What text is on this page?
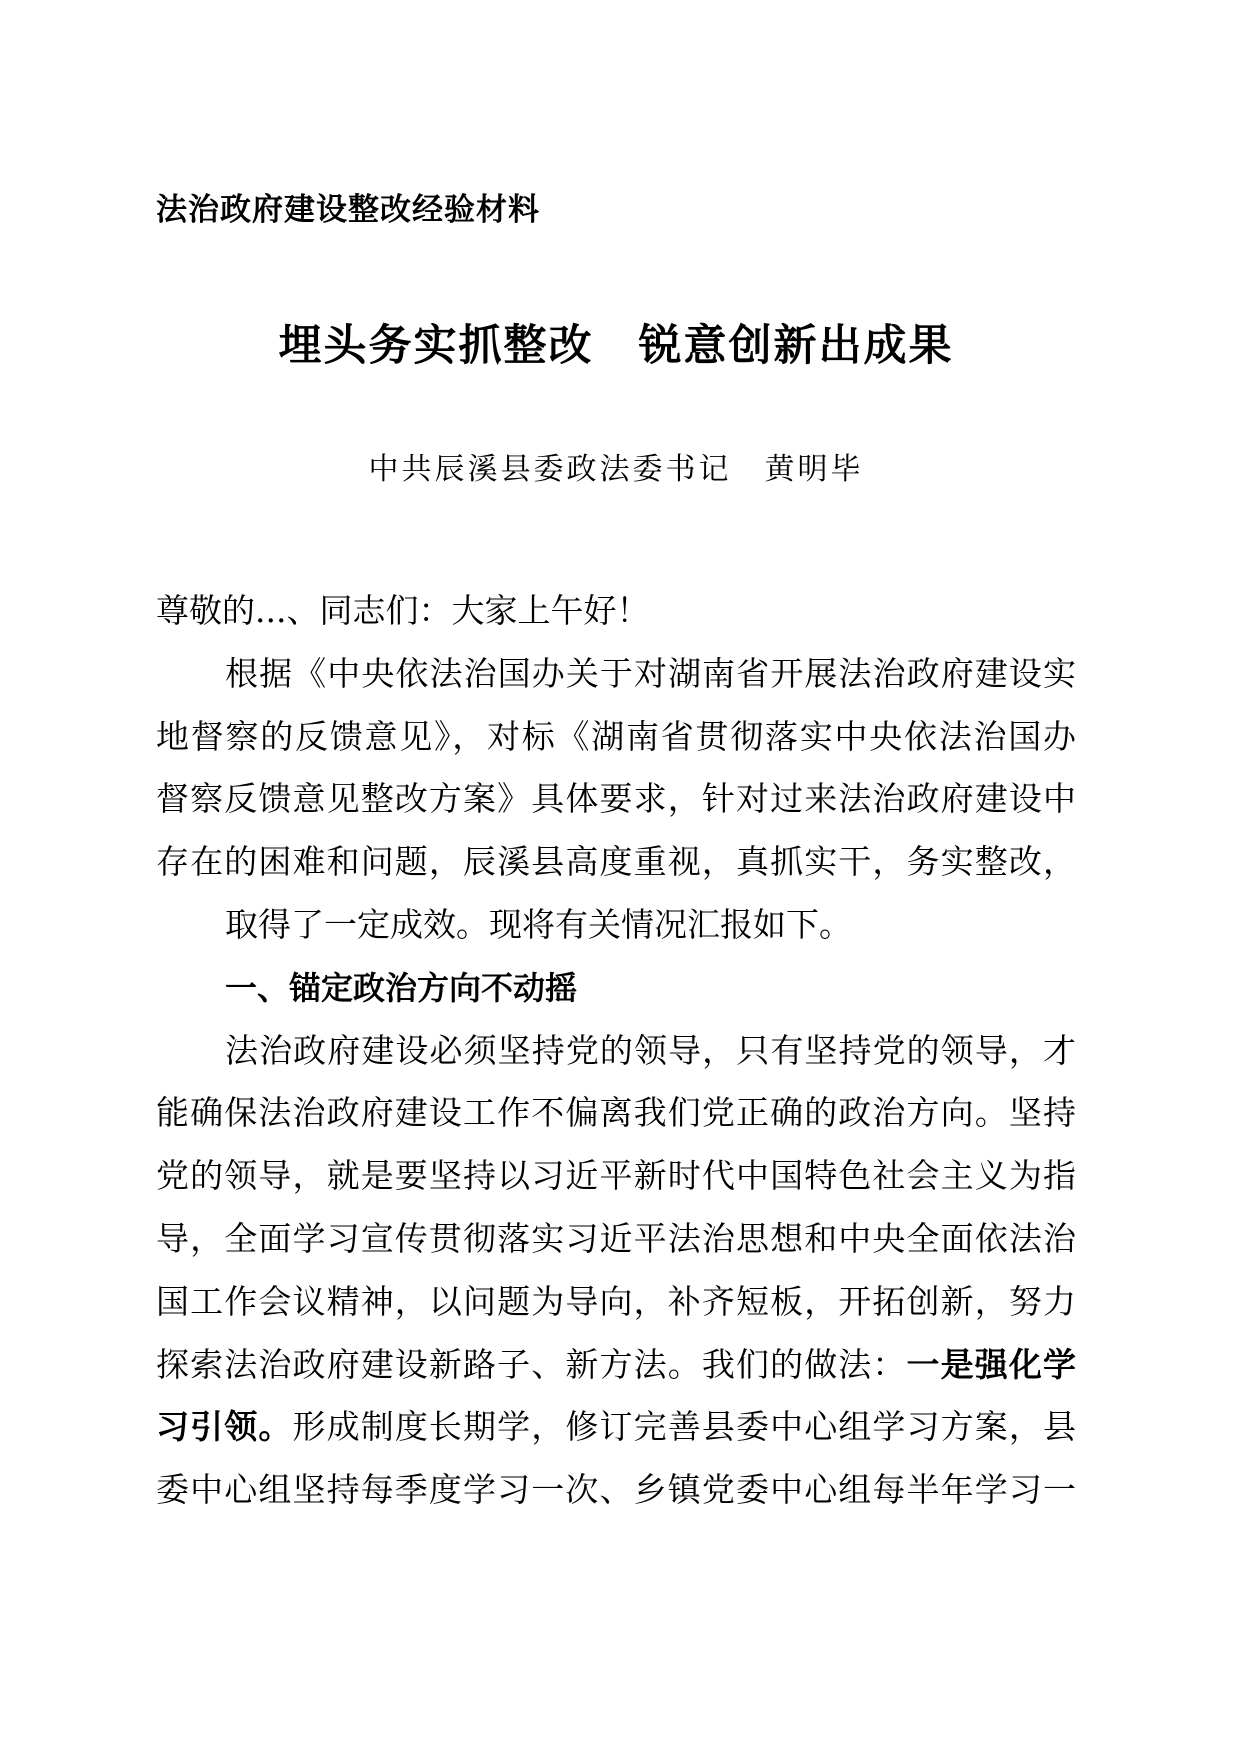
法治政府建设整改经验材料
埋头务实抓整改　锐意创新出成果
中共辰溪县委政法委书记　黄明毕
尊敬的...、同志们：大家上午好！
根据《中央依法治国办关于对湖南省开展法治政府建设实
地督察的反馈意见》，对标《湖南省贯彻落实中央依法治国办
督察反馈意见整改方案》具体要求，针对过来法治政府建设中
存在的困难和问题，辰溪县高度重视，真抓实干，务实整改，
取得了一定成效。现将有关情况汇报如下。
一、锚定政治方向不动摇
法治政府建设必须坚持党的领导，只有坚持党的领导，才
能确保法治政府建设工作不偏离我们党正确的政治方向。坚持
党的领导，就是要坚持以习近平新时代中国特色社会主义为指
导，全面学习宣传贯彻落实习近平法治思想和中央全面依法治
国工作会议精神，以问题为导向，补齐短板，开拓创新，努力
探索法治政府建设新路子、新方法。我们的做法：一是强化学
习引领。形成制度长期学，修订完善县委中心组学习方案，县
委中心组坚持每季度学习一次、乡镇党委中心组每半年学习一
